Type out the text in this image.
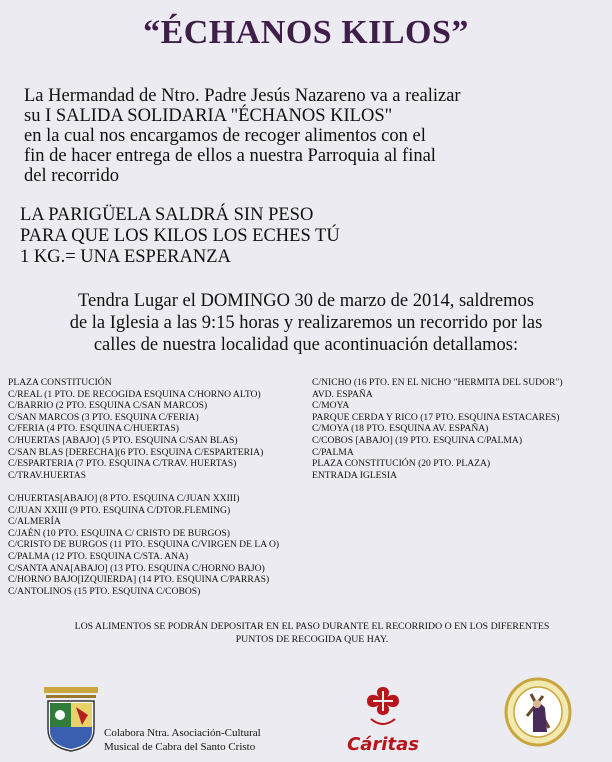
“ÉCHANOS KILOS”
La Hermandad de Ntro. Padre Jesús Nazareno va a realizar
su I SALIDA SOLIDARIA "ÉCHANOS KILOS"
en la cual nos encargamos de recoger alimentos con el
fin de hacer entrega de ellos a nuestra Parroquia al final
del recorrido
LA PARIGÜELA SALDRÁ SIN PESO
PARA QUE LOS KILOS LOS ECHES TÚ
1 KG.= UNA ESPERANZA
Tendra Lugar el DOMINGO 30 de marzo de 2014, saldremos
de la Iglesia a las 9:15 horas y realizaremos un recorrido por las
calles de nuestra localidad que acontinuación detallamos:
PLAZA CONSTITUCIÓN
C/REAL (1 PTO. DE RECOGIDA ESQUINA C/HORNO ALTO)
C/BARRIO (2 PTO. ESQUINA C/SAN MARCOS)
C/SAN MARCOS (3 PTO. ESQUINA C/FERIA)
C/FERIA (4 PTO. ESQUINA C/HUERTAS)
C/HUERTAS [ABAJO] (5 PTO. ESQUINA C/SAN BLAS)
C/SAN BLAS [DERECHA](6 PTO. ESQUINA C/ESPARTERIA)
C/ESPARTERIA (7 PTO. ESQUINA C/TRAV. HUERTAS)
C/TRAV.HUERTAS
C/HUERTAS[ABAJO] (8 PTO. ESQUINA C/JUAN XXIII)
C/JUAN XXIII (9 PTO. ESQUINA C/DTOR.FLEMING)
C/ALMERÍA
C/JAÉN (10 PTO. ESQUINA C/ CRISTO DE BURGOS)
C/CRISTO DE BURGOS (11 PTO. ESQUINA C/VIRGEN DE LA O)
C/PALMA (12 PTO. ESQUINA C/STA. ANA)
C/SANTA ANA[ABAJO] (13 PTO. ESQUINA C/HORNO BAJO)
C/HORNO BAJO[IZQUIERDA] (14 PTO. ESQUINA C/PARRAS)
C/ANTOLINOS (15 PTO. ESQUINA C/COBOS)
C/NICHO (16 PTO. EN EL NICHO "HERMITA DEL SUDOR")
AVD. ESPAÑA
C/MOYA
PARQUE CERDA Y RICO (17 PTO. ESQUINA ESTACARES)
C/MOYA (18 PTO. ESQUINA AV. ESPAÑA)
C/COBOS [ABAJO] (19 PTO. ESQUINA C/PALMA)
C/PALMA
PLAZA CONSTITUCIÓN (20 PTO. PLAZA)
ENTRADA IGLESIA
LOS ALIMENTOS SE PODRÁN DEPOSITAR EN EL PASO DURANTE EL RECORRIDO O EN LOS DIFERENTES
PUNTOS DE RECOGIDA QUE HAY.
Colabora Ntra. Asociación-Cultural
Musical de Cabra del Santo Cristo	Cáritas
